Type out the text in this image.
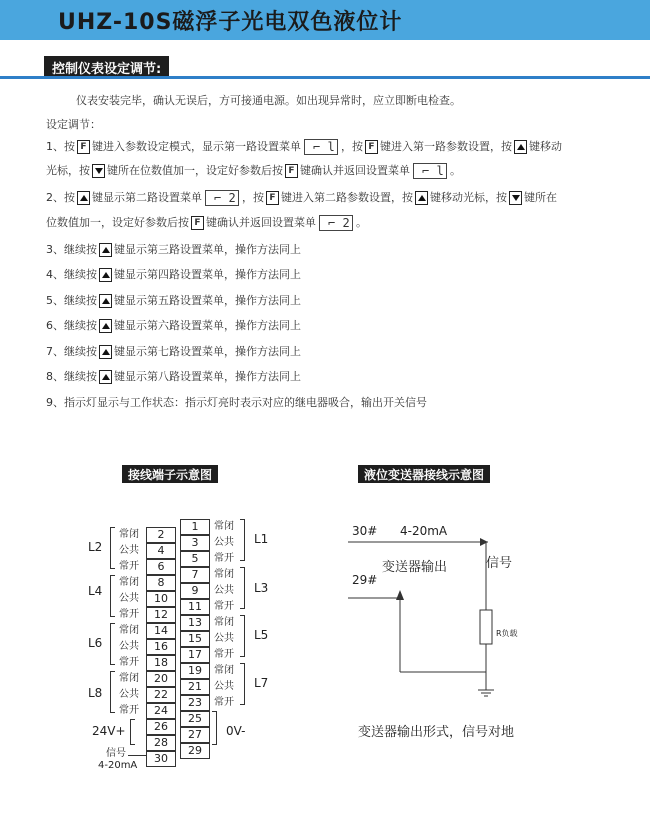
UHZ-10S磁浮子光电双色液位计
控制仪表设定调节:
仪表安装完毕，确认无误后，方可接通电源。如出现异常时，应立即断电检查。
设定调节：
1、按 F 键进入参数设定模式，显示第一路设置菜单 ⌐ l ，按 F 键进入第一路参数设置，按 键移动
光标，按 键所在位数值加一，设定好参数后按 F 键确认并返回设置菜单 ⌐ l 。
2、按 键显示第二路设置菜单 ⌐ 2 ，按 F 键进入第二路参数设置，按 键移动光标，按 键所在
位数值加一，设定好参数后按 F 键确认并返回设置菜单 ⌐ 2 。
3、继续按 键显示第三路设置菜单，操作方法同上
4、继续按 键显示第四路设置菜单，操作方法同上
5、继续按 键显示第五路设置菜单，操作方法同上
6、继续按 键显示第六路设置菜单，操作方法同上
7、继续按 键显示第七路设置菜单，操作方法同上
8、继续按 键显示第八路设置菜单，操作方法同上
9、指示灯显示与工作状态：指示灯亮时表示对应的继电器吸合，输出开关信号
接线端子示意图	液位变送器接线示意图
2
常闭
4
公共
6
常开
8
常闭
10
公共
12
常开
14
常闭
16
公共
18
常开
20
常闭
22
公共
24
常开
26
28
30
1	常闭
3	公共
5	常开
7	常闭
9	公共
11	常开
13	常闭
15	公共
17	常开
19	常闭
21	公共
23	常开
25
27
29
L2
L4
L6
L8
L1
L3
L5
L7
24V+	0V-
信号
4-20mA
30# 4-20mA
29#
变送器输出	信号
R负载
变送器输出形式，信号对地
